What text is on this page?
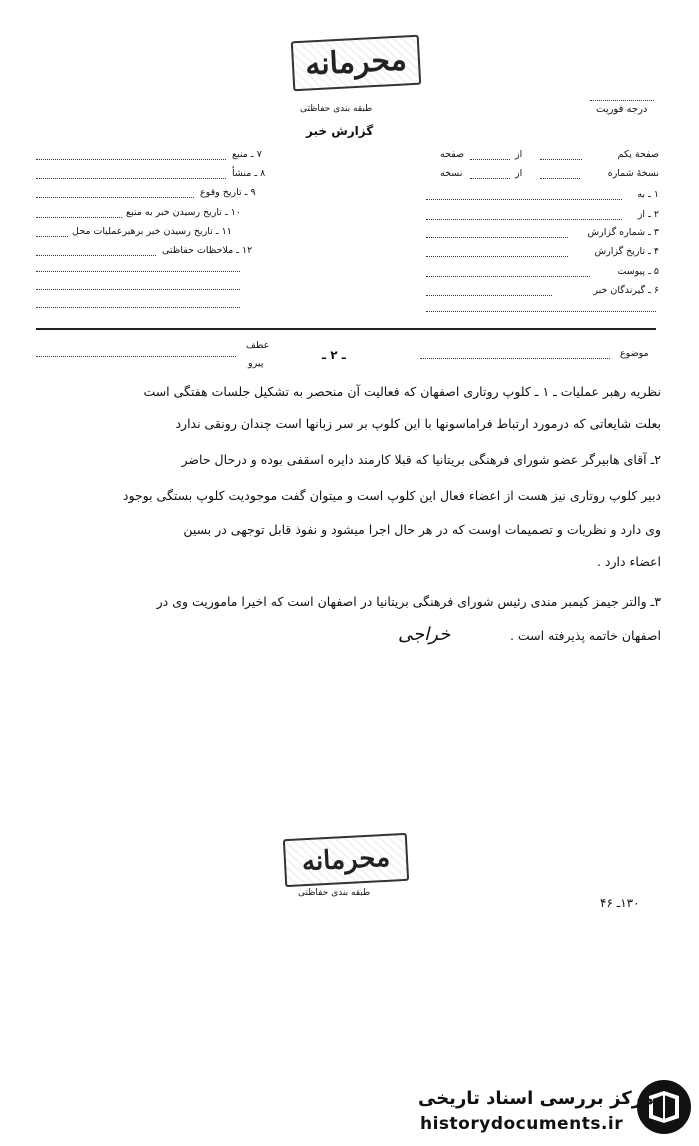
محرمانه
طبقه بندی حفاظتی	درجه فوریت
گزارش خبر
صفحة یکم
از
صفحه
نسخهٔ شماره
از
نسخه
۱ ـ به
۲ ـ از
۳ ـ شماره گزارش
۴ ـ تاریخ گزارش
۵ ـ پیوست
۶ ـ گیرندگان خبر
۷ ـ منبع
۸ ـ منشأ
۹ ـ تاریخ وقوع
۱۰ ـ تاریخ رسیدن خبر به منبع
۱۱ ـ تاریخ رسیدن خبر برهبرعملیات محل
۱۲ ـ ملاحظات حفاظتی
موضوع
ـ ۲ ـ
عطف
پیرو
نظریه رهبر عملیات ـ ۱ ـ کلوپ روتاری اصفهان که فعالیت آن منحصر به تشکیل جلسات هفتگی است
بعلت شایعاتی که درمورد ارتباط فراماسونها با این کلوپ بر سر زبانها است چندان رونقی ندارد
۲ـ آقای هابیرگر عضو شورای فرهنگی بریتانیا که قبلا کارمند دایره اسقفی بوده و درحال حاضر
دبیر کلوپ روتاری نیز هست از اعضاء فعال این کلوپ است و میتوان گفت موجودیت کلوپ بستگی بوجود
وی دارد و نظریات و تصمیمات اوست که در هر حال اجرا میشود و نفوذ قابل توجهی در بسین
اعضاء دارد .
۳ـ والتر جیمز کیمبر مندی رئیس شورای فرهنگی بریتانیا در اصفهان است که اخیرا ماموریت وی در
اصفهان خاتمه پذیرفته است .
خراجی
محرمانه
طبقه بندی حفاظتی
۱۳۰ـ ۴۶
مرکز بررسی اسناد تاریخی
historydocuments.ir
